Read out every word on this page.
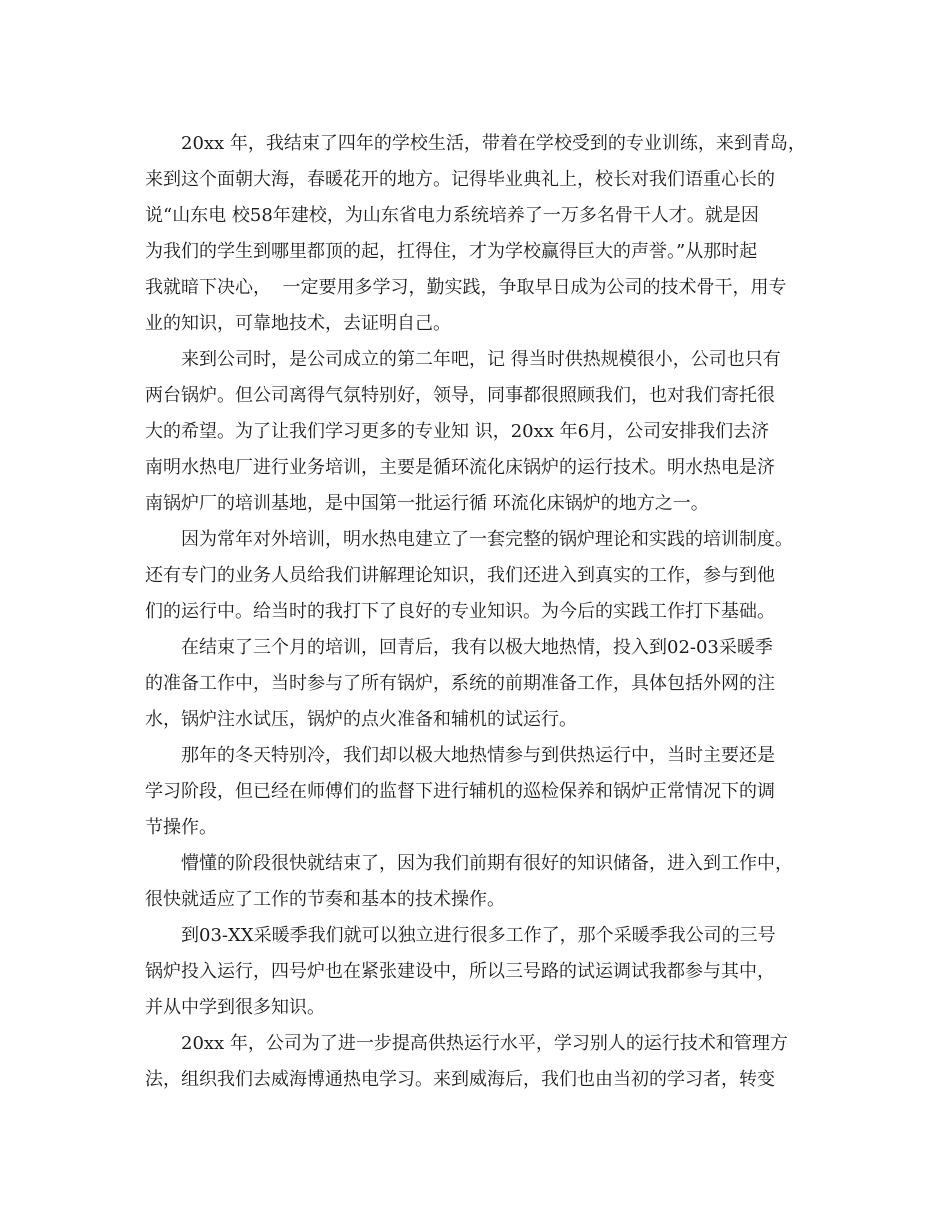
20xx 年，我结束了四年的学校生活，带着在学校受到的专业训练，来到青岛，
来到这个面朝大海，春暖花开的地方。记得毕业典礼上，校长对我们语重心长的
说“山东电 校58年建校，为山东省电力系统培养了一万多名骨干人才。就是因
为我们的学生到哪里都顶的起，扛得住，才为学校赢得巨大的声誉。”从那时起
我就暗下决心，  一定要用多学习，勤实践，争取早日成为公司的技术骨干，用专
业的知识，可靠地技术，去证明自己。
来到公司时，是公司成立的第二年吧，记 得当时供热规模很小，公司也只有
两台锅炉。但公司离得气氛特别好，领导，同事都很照顾我们，也对我们寄托很
大的希望。为了让我们学习更多的专业知 识，20xx 年6月，公司安排我们去济
南明水热电厂进行业务培训，主要是循环流化床锅炉的运行技术。明水热电是济
南锅炉厂的培训基地，是中国第一批运行循 环流化床锅炉的地方之一。
因为常年对外培训，明水热电建立了一套完整的锅炉理论和实践的培训制度。
还有专门的业务人员给我们讲解理论知识，我们还进入到真实的工作，参与到他
们的运行中。给当时的我打下了良好的专业知识。为今后的实践工作打下基础。
在结束了三个月的培训，回青后，我有以极大地热情，投入到02-03采暖季
的准备工作中，当时参与了所有锅炉，系统的前期准备工作，具体包括外网的注
水，锅炉注水试压，锅炉的点火准备和辅机的试运行。
那年的冬天特别冷，我们却以极大地热情参与到供热运行中，当时主要还是
学习阶段，但已经在师傅们的监督下进行辅机的巡检保养和锅炉正常情况下的调
节操作。
懵懂的阶段很快就结束了，因为我们前期有很好的知识储备，进入到工作中，
很快就适应了工作的节奏和基本的技术操作。
到03-XX采暖季我们就可以独立进行很多工作了，那个采暖季我公司的三号
锅炉投入运行，四号炉也在紧张建设中，所以三号路的试运调试我都参与其中，
并从中学到很多知识。
20xx 年，公司为了进一步提高供热运行水平，学习别人的运行技术和管理方
法，组织我们去威海博通热电学习。来到威海后，我们也由当初的学习者，转变
